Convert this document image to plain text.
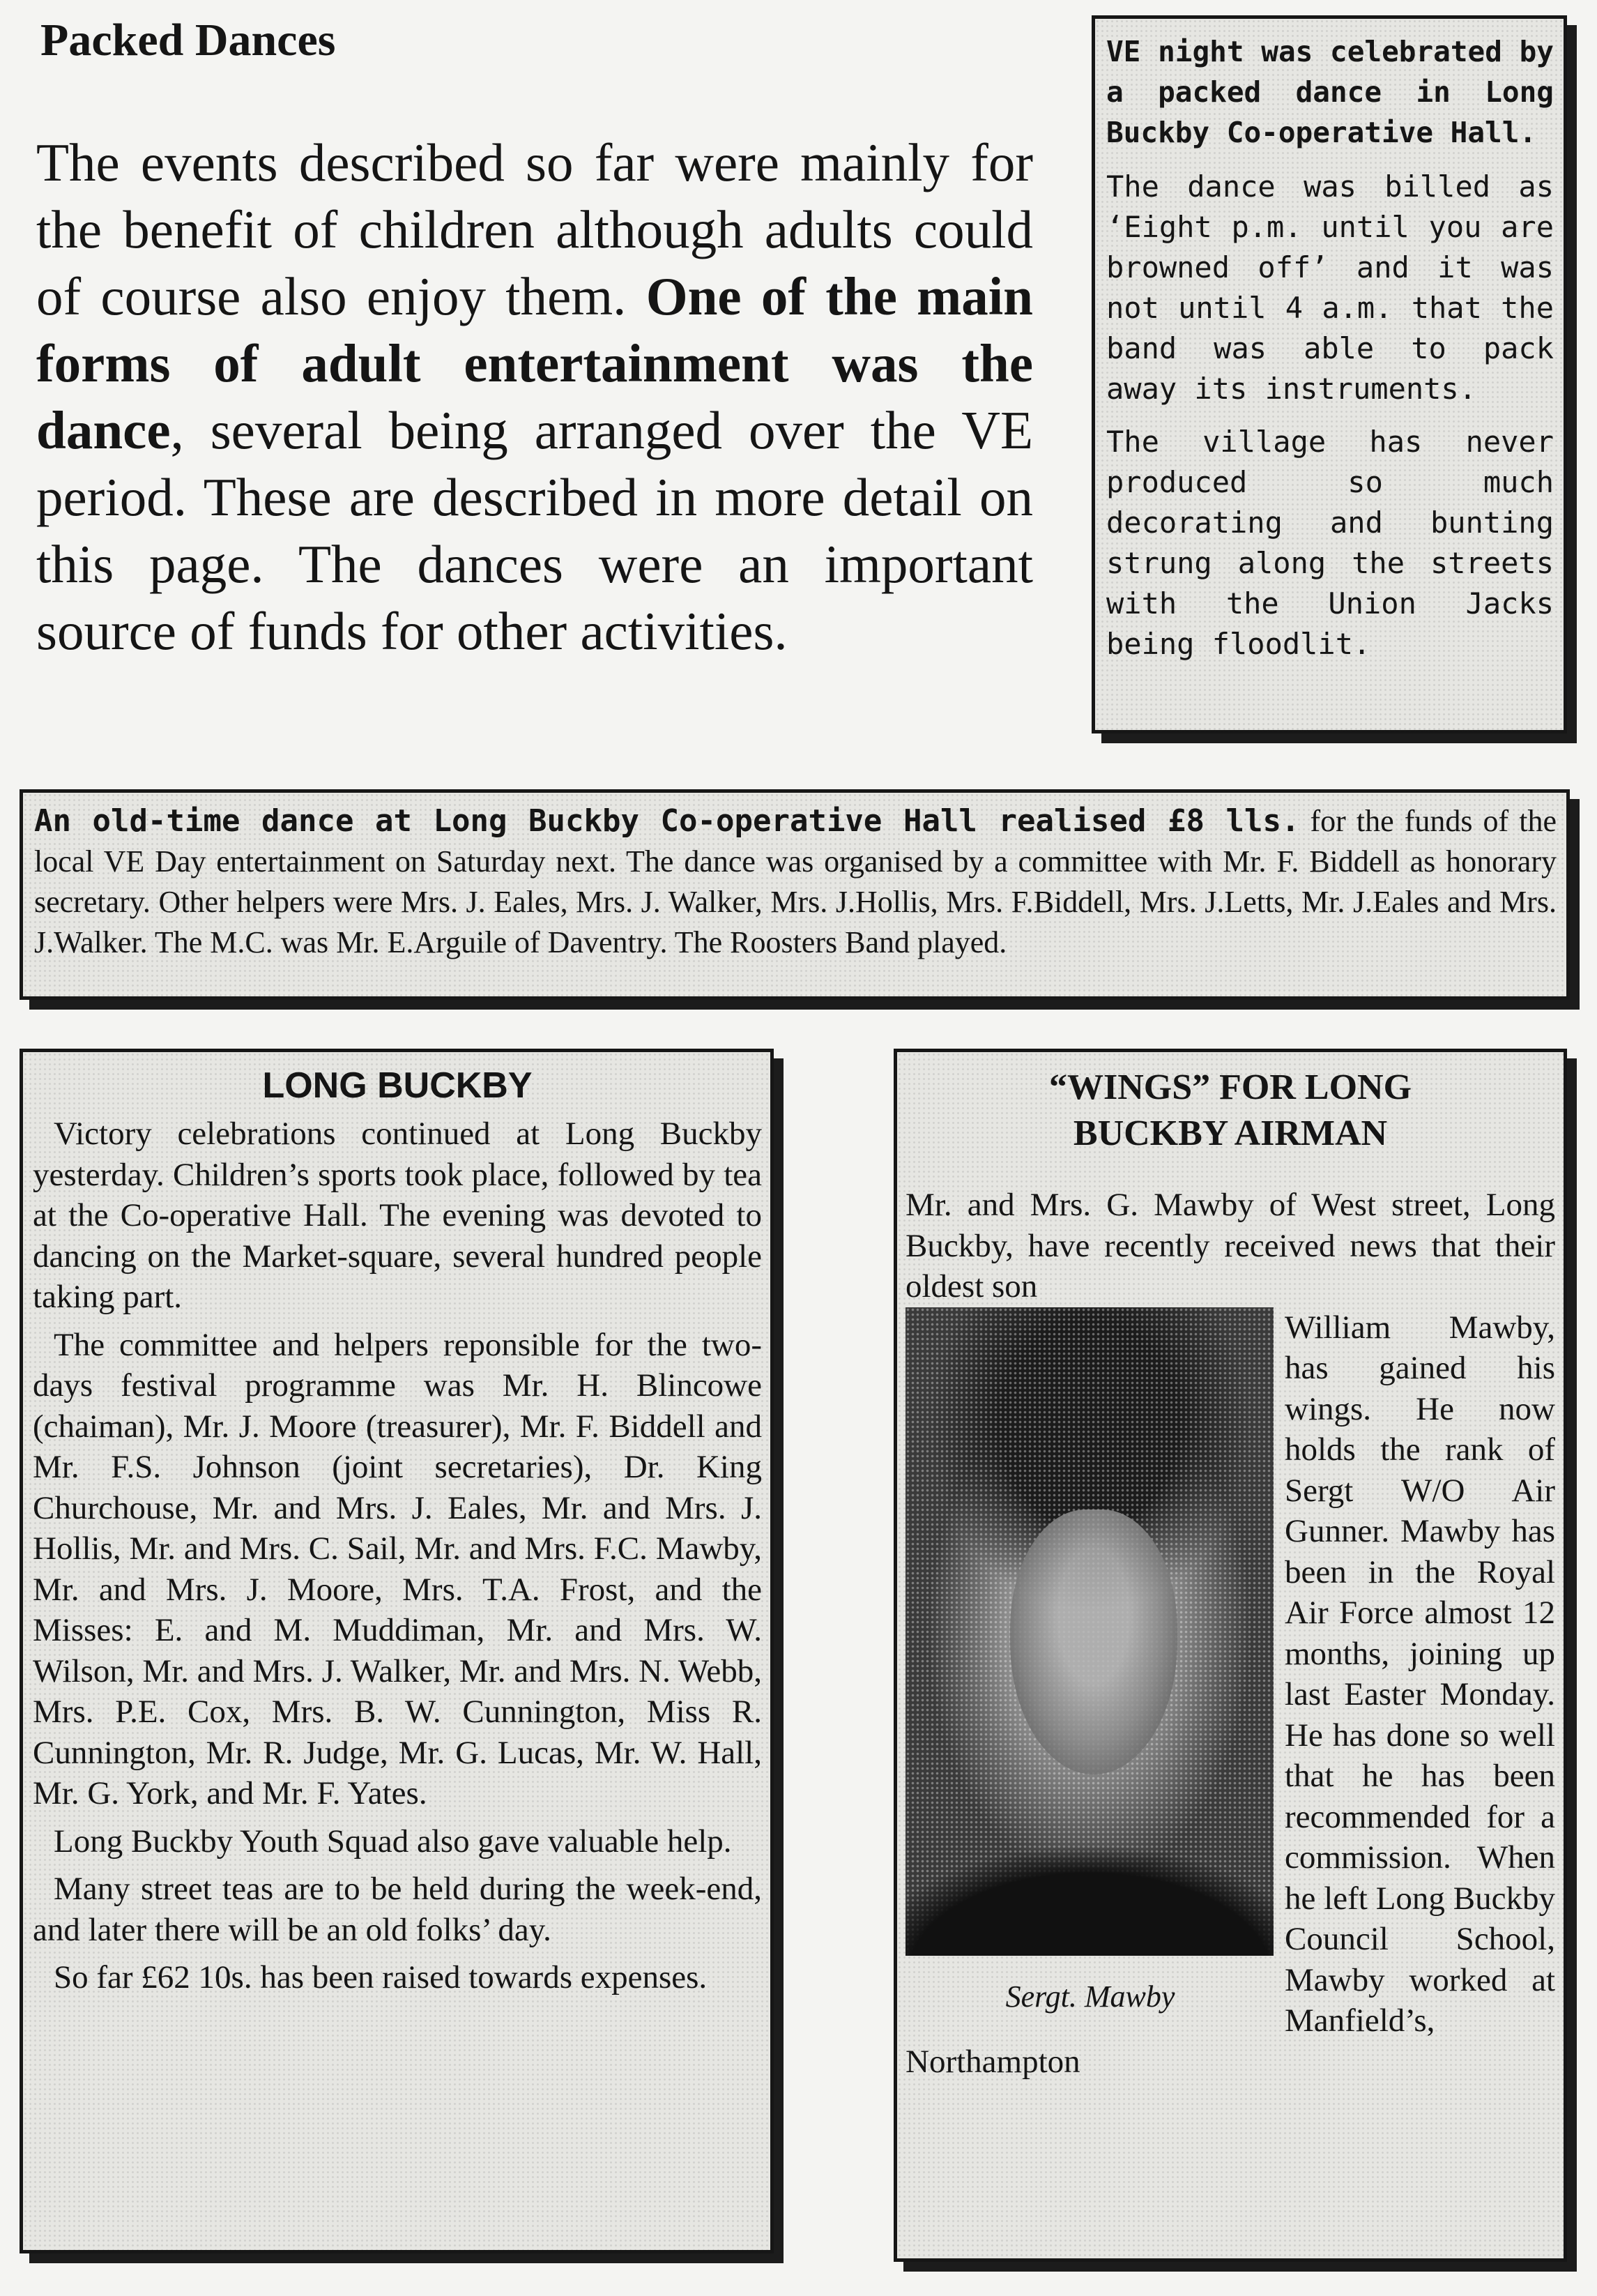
Packed Dances
The events described so far were mainly for the benefit of children although adults could of course also enjoy them. One of the main forms of adult entertainment was the dance, several being arranged over the VE period. These are described in more detail on this page. The dances were an important source of funds for other activities.
VE night was celebrated by a packed dance in Long Buckby Co-operative Hall.
The dance was billed as ‘Eight p.m. until you are browned off’ and it was not until 4 a.m. that the band was able to pack away its instruments.
The village has never produced so much decorating and bunting strung along the streets with the Union Jacks being floodlit.
An old-time dance at Long Buckby Co-operative Hall realised £8 lls. for the funds of the local VE Day entertainment on Saturday next. The dance was organised by a committee with Mr. F. Biddell as honorary secretary. Other helpers were Mrs. J. Eales, Mrs. J. Walker, Mrs. J.Hollis, Mrs. F.Biddell, Mrs. J.Letts, Mr. J.Eales and Mrs. J.Walker. The M.C. was Mr. E.Arguile of Daventry. The Roosters Band played.
LONG BUCKBY
Victory celebrations continued at Long Buckby yesterday. Children’s sports took place, followed by tea at the Co-operative Hall. The evening was devoted to dancing on the Market-square, several hundred people taking part.
The committee and helpers reponsible for the two-days festival programme was Mr. H. Blincowe (chaiman), Mr. J. Moore (treasurer), Mr. F. Biddell and Mr. F.S. Johnson (joint secretaries), Dr. King Churchouse, Mr. and Mrs. J. Eales, Mr. and Mrs. J. Hollis, Mr. and Mrs. C. Sail, Mr. and Mrs. F.C. Mawby, Mr. and Mrs. J. Moore, Mrs. T.A. Frost, and the Misses: E. and M. Muddiman, Mr. and Mrs. W. Wilson, Mr. and Mrs. J. Walker, Mr. and Mrs. N. Webb, Mrs. P.E. Cox, Mrs. B. W. Cunnington, Miss R. Cunnington, Mr. R. Judge, Mr. G. Lucas, Mr. W. Hall, Mr. G. York, and Mr. F. Yates.
Long Buckby Youth Squad also gave valuable help.
Many street teas are to be held during the week-end, and later there will be an old folks’ day.
So far £62 10s. has been raised towards expenses.
“WINGS” FOR LONG
BUCKBY AIRMAN
Mr. and Mrs. G. Mawby of West street, Long Buckby, have recently received news that their oldest son
Sergt. Mawby
William Mawby, has gained his wings. He now holds the rank of Sergt W/O Air Gunner. Mawby has been in the Royal Air Force almost 12 months, joining up last Easter Monday. He has done so well that he has been recommended for a commission. When he left Long Buckby Council School, Mawby worked at Manfield’s, Northampton
